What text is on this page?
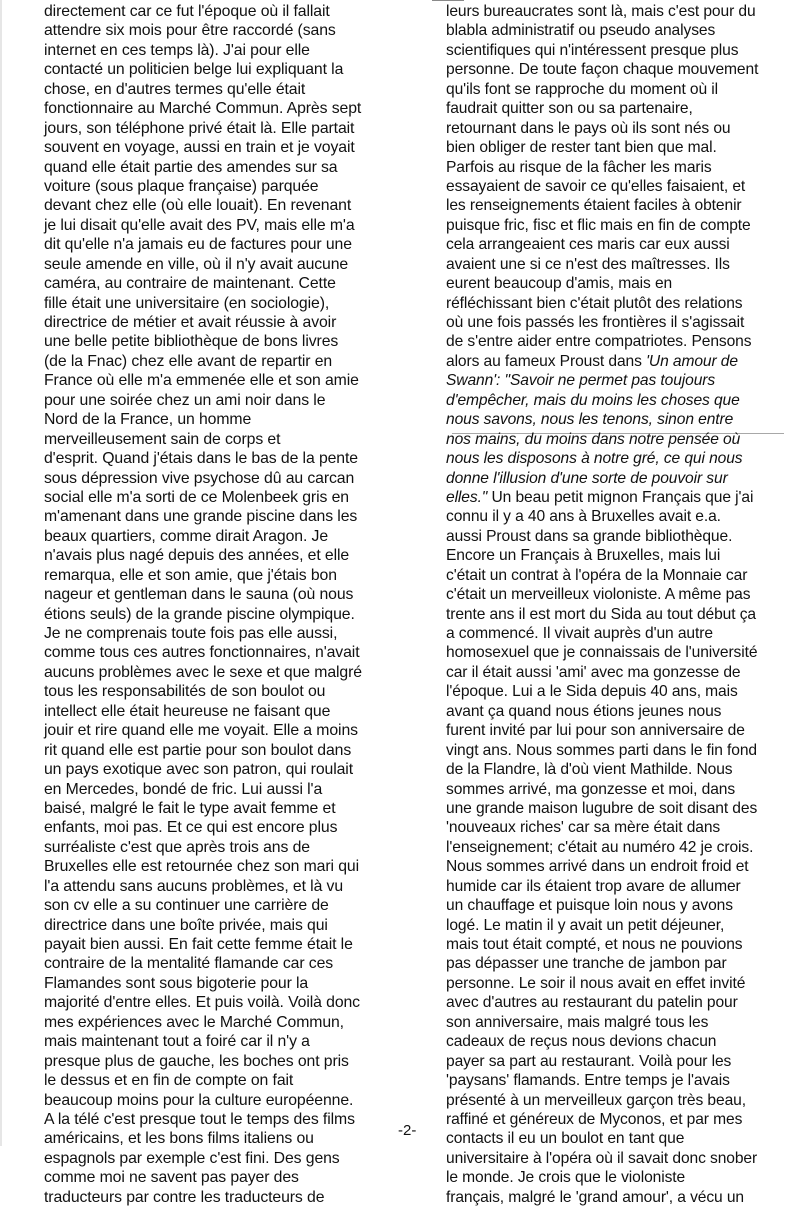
directement car ce fut l'époque où il fallait
attendre six mois pour être raccordé (sans
internet en ces temps là). J'ai pour elle
contacté un politicien belge lui expliquant la
chose, en d'autres termes qu'elle était
fonctionnaire au Marché Commun. Après sept
jours, son téléphone privé était là. Elle partait
souvent en voyage, aussi en train et je voyait
quand elle était partie des amendes sur sa
voiture (sous plaque française) parquée
devant chez elle (où elle louait). En revenant
je lui disait qu'elle avait des PV, mais elle m'a
dit qu'elle n'a jamais eu de factures pour une
seule amende en ville, où il n'y avait aucune
caméra, au contraire de maintenant. Cette
fille était une universitaire (en sociologie),
directrice de métier et avait réussie à avoir
une belle petite bibliothèque de bons livres
(de la Fnac) chez elle avant de repartir en
France où elle m'a emmenée elle et son amie
pour une soirée chez un ami noir dans le
Nord de la France, un homme
merveilleusement sain de corps et
d'esprit. Quand j'étais dans le bas de la pente
sous dépression vive psychose dû au carcan
social elle m'a sorti de ce Molenbeek gris en
m'amenant dans une grande piscine dans les
beaux quartiers, comme dirait Aragon. Je
n'avais plus nagé depuis des années, et elle
remarqua, elle et son amie, que j'étais bon
nageur et gentleman dans le sauna (où nous
étions seuls) de la grande piscine olympique.
Je ne comprenais toute fois pas elle aussi,
comme tous ces autres fonctionnaires, n'avait
aucuns problèmes avec le sexe et que malgré
tous les responsabilités de son boulot ou
intellect elle était heureuse ne faisant que
jouir et rire quand elle me voyait. Elle a moins
rit quand elle est partie pour son boulot dans
un pays exotique avec son patron, qui roulait
en Mercedes, bondé de fric. Lui aussi l'a
baisé, malgré le fait le type avait femme et
enfants, moi pas. Et ce qui est encore plus
surréaliste c'est que après trois ans de
Bruxelles elle est retournée chez son mari qui
l'a attendu sans aucuns problèmes, et là vu
son cv elle a su continuer une carrière de
directrice dans une boîte privée, mais qui
payait bien aussi. En fait cette femme était le
contraire de la mentalité flamande car ces
Flamandes sont sous bigoterie pour la
majorité d'entre elles. Et puis voilà. Voilà donc
mes expériences avec le Marché Commun,
mais maintenant tout a foiré car il n'y a
presque plus de gauche, les boches ont pris
le dessus et en fin de compte on fait
beaucoup moins pour la culture européenne.
A la télé c'est presque tout le temps des films
américains, et les bons films italiens ou
espagnols par exemple c'est fini. Des gens
comme moi ne savent pas payer des
traducteurs par contre les traducteurs de
leurs bureaucrates sont là, mais c'est pour du
blabla administratif ou pseudo analyses
scientifiques qui n'intéressent presque plus
personne. De toute façon chaque mouvement
qu'ils font se rapproche du moment où il
faudrait quitter son ou sa partenaire,
retournant dans le pays où ils sont nés ou
bien obliger de rester tant bien que mal.
Parfois au risque de la fâcher les maris
essayaient de savoir ce qu'elles faisaient, et
les renseignements étaient faciles à obtenir
puisque fric, fisc et flic mais en fin de compte
cela arrangeaient ces maris car eux aussi
avaient une si ce n'est des maîtresses. Ils
eurent beaucoup d'amis, mais en
réfléchissant bien c'était plutôt des relations
où une fois passés les frontières il s'agissait
de s'entre aider entre compatriotes. Pensons
alors au fameux Proust dans 'Un amour de
Swann': "Savoir ne permet pas toujours
d'empêcher, mais du moins les choses que
nous savons, nous les tenons, sinon entre
nos mains, du moins dans notre pensée où
nous les disposons à notre gré, ce qui nous
donne l'illusion d'une sorte de pouvoir sur
elles." Un beau petit mignon Français que j'ai
connu il y a 40 ans à Bruxelles avait e.a.
aussi Proust dans sa grande bibliothèque.
Encore un Français à Bruxelles, mais lui
c'était un contrat à l'opéra de la Monnaie car
c'était un merveilleux violoniste. A même pas
trente ans il est mort du Sida au tout début ça
a commencé. Il vivait auprès d'un autre
homosexuel que je connaissais de l'université
car il était aussi 'ami' avec ma gonzesse de
l'époque. Lui a le Sida depuis 40 ans, mais
avant ça quand nous étions jeunes nous
furent invité par lui pour son anniversaire de
vingt ans. Nous sommes parti dans le fin fond
de la Flandre, là d'où vient Mathilde. Nous
sommes arrivé, ma gonzesse et moi, dans
une grande maison lugubre de soit disant des
'nouveaux riches' car sa mère était dans
l'enseignement; c'était au numéro 42 je crois.
Nous sommes arrivé dans un endroit froid et
humide car ils étaient trop avare de allumer
un chauffage et puisque loin nous y avons
logé. Le matin il y avait un petit déjeuner,
mais tout était compté, et nous ne pouvions
pas dépasser une tranche de jambon par
personne. Le soir il nous avait en effet invité
avec d'autres au restaurant du patelin pour
son anniversaire, mais malgré tous les
cadeaux de reçus nous devions chacun
payer sa part au restaurant. Voilà pour les
'paysans' flamands. Entre temps je l'avais
présenté à un merveilleux garçon très beau,
raffiné et généreux de Myconos, et par mes
contacts il eu un boulot en tant que
universitaire à l'opéra où il savait donc snober
le monde. Je crois que le violoniste
français, malgré le 'grand amour', a vécu un
-2-
